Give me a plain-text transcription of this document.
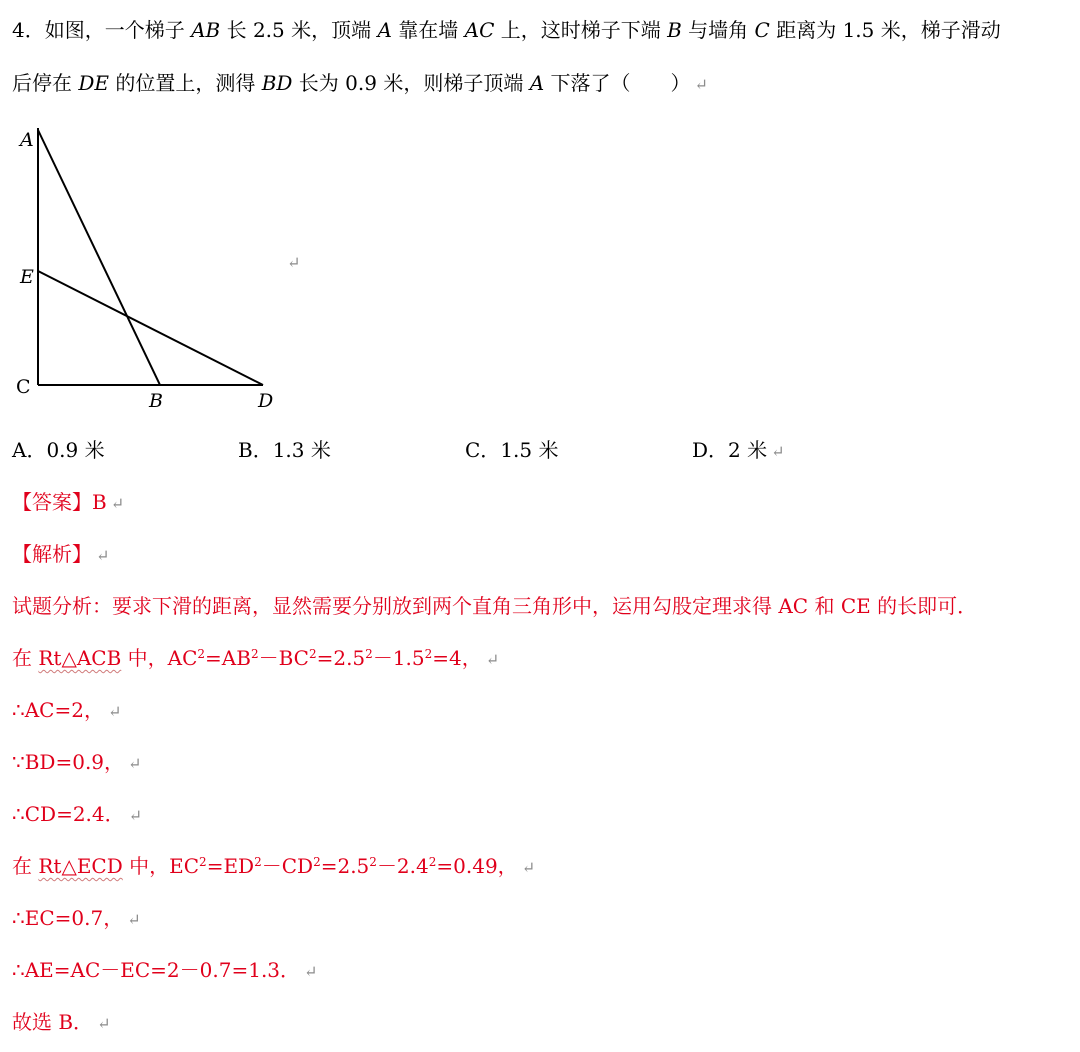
4．如图，一个梯子 AB 长 2.5 米，顶端 A 靠在墙 AC 上，这时梯子下端 B 与墙角 C 距离为 1.5 米，梯子滑动
后停在 DE 的位置上，测得 BD 长为 0.9 米，则梯子顶端 A 下落了（　　） ↵
A
E
C
B	D
↵
A．0.9 米	B．1.3 米	C．1.5 米	D．2 米 ↵
【答案】B ↵
【解析】 ↵
试题分析：要求下滑的距离，显然需要分别放到两个直角三角形中，运用勾股定理求得 AC 和 CE 的长即可．
在 Rt△ACB 中，$AC^2=AB^2-BC^2=2.5^2-1.5^2=4$， ↵
∴AC=2， ↵
∵BD=0.9， ↵
∴CD=2.4． ↵
在 Rt△ECD 中，$EC^2=ED^2-CD^2=2.5^2-2.4^2=0.49$， ↵
∴EC=0.7， ↵
∴AE=AC－EC=2－0.7=1.3． ↵
故选 B． ↵
